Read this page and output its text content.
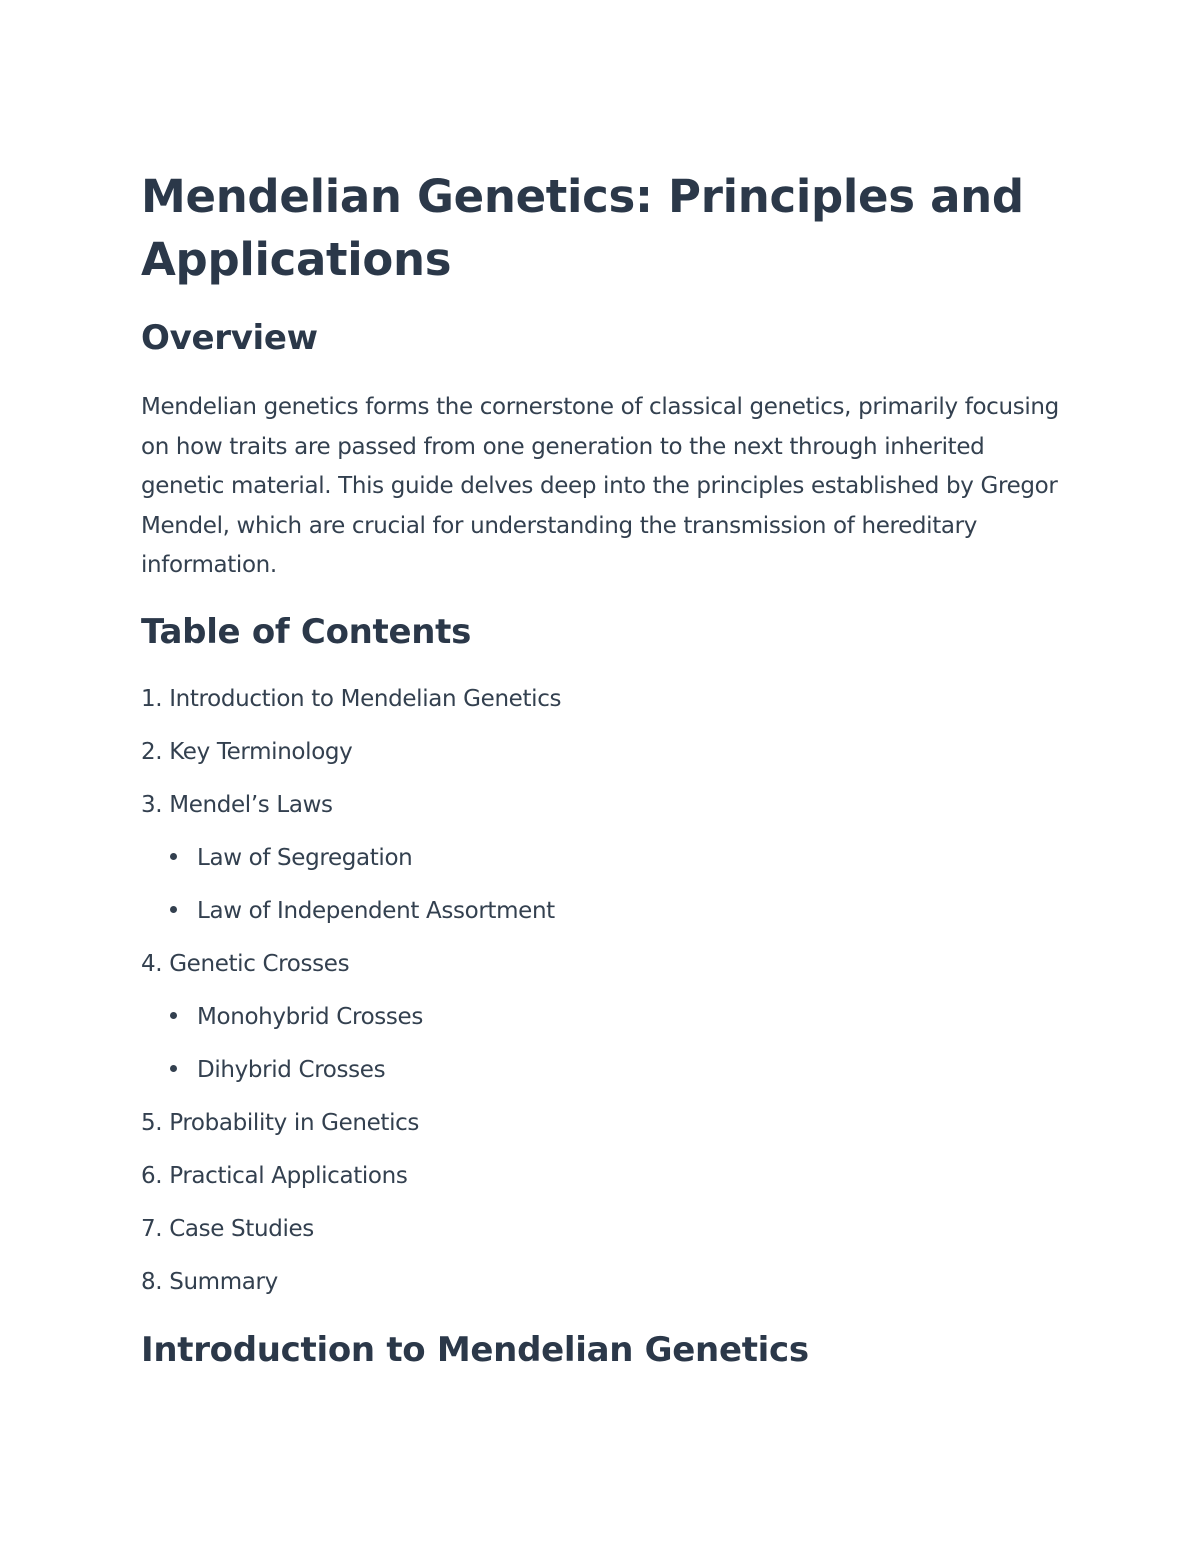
Mendelian Genetics: Principles and Applications
Overview

Mendelian genetics forms the cornerstone of classical genetics, primarily focusing on how traits are passed from one generation to the next through inherited genetic material. This guide delves deep into the principles established by Gregor Mendel, which are crucial for understanding the transmission of hereditary information.

Table of Contents
1. Introduction to Mendelian Genetics
2. Key Terminology
3. Mendel’s Laws
Law of Segregation
Law of Independent Assortment
4. Genetic Crosses
Monohybrid Crosses
Dihybrid Crosses
5. Probability in Genetics
6. Practical Applications
7. Case Studies
8. Summary
Introduction to Mendelian Genetics
